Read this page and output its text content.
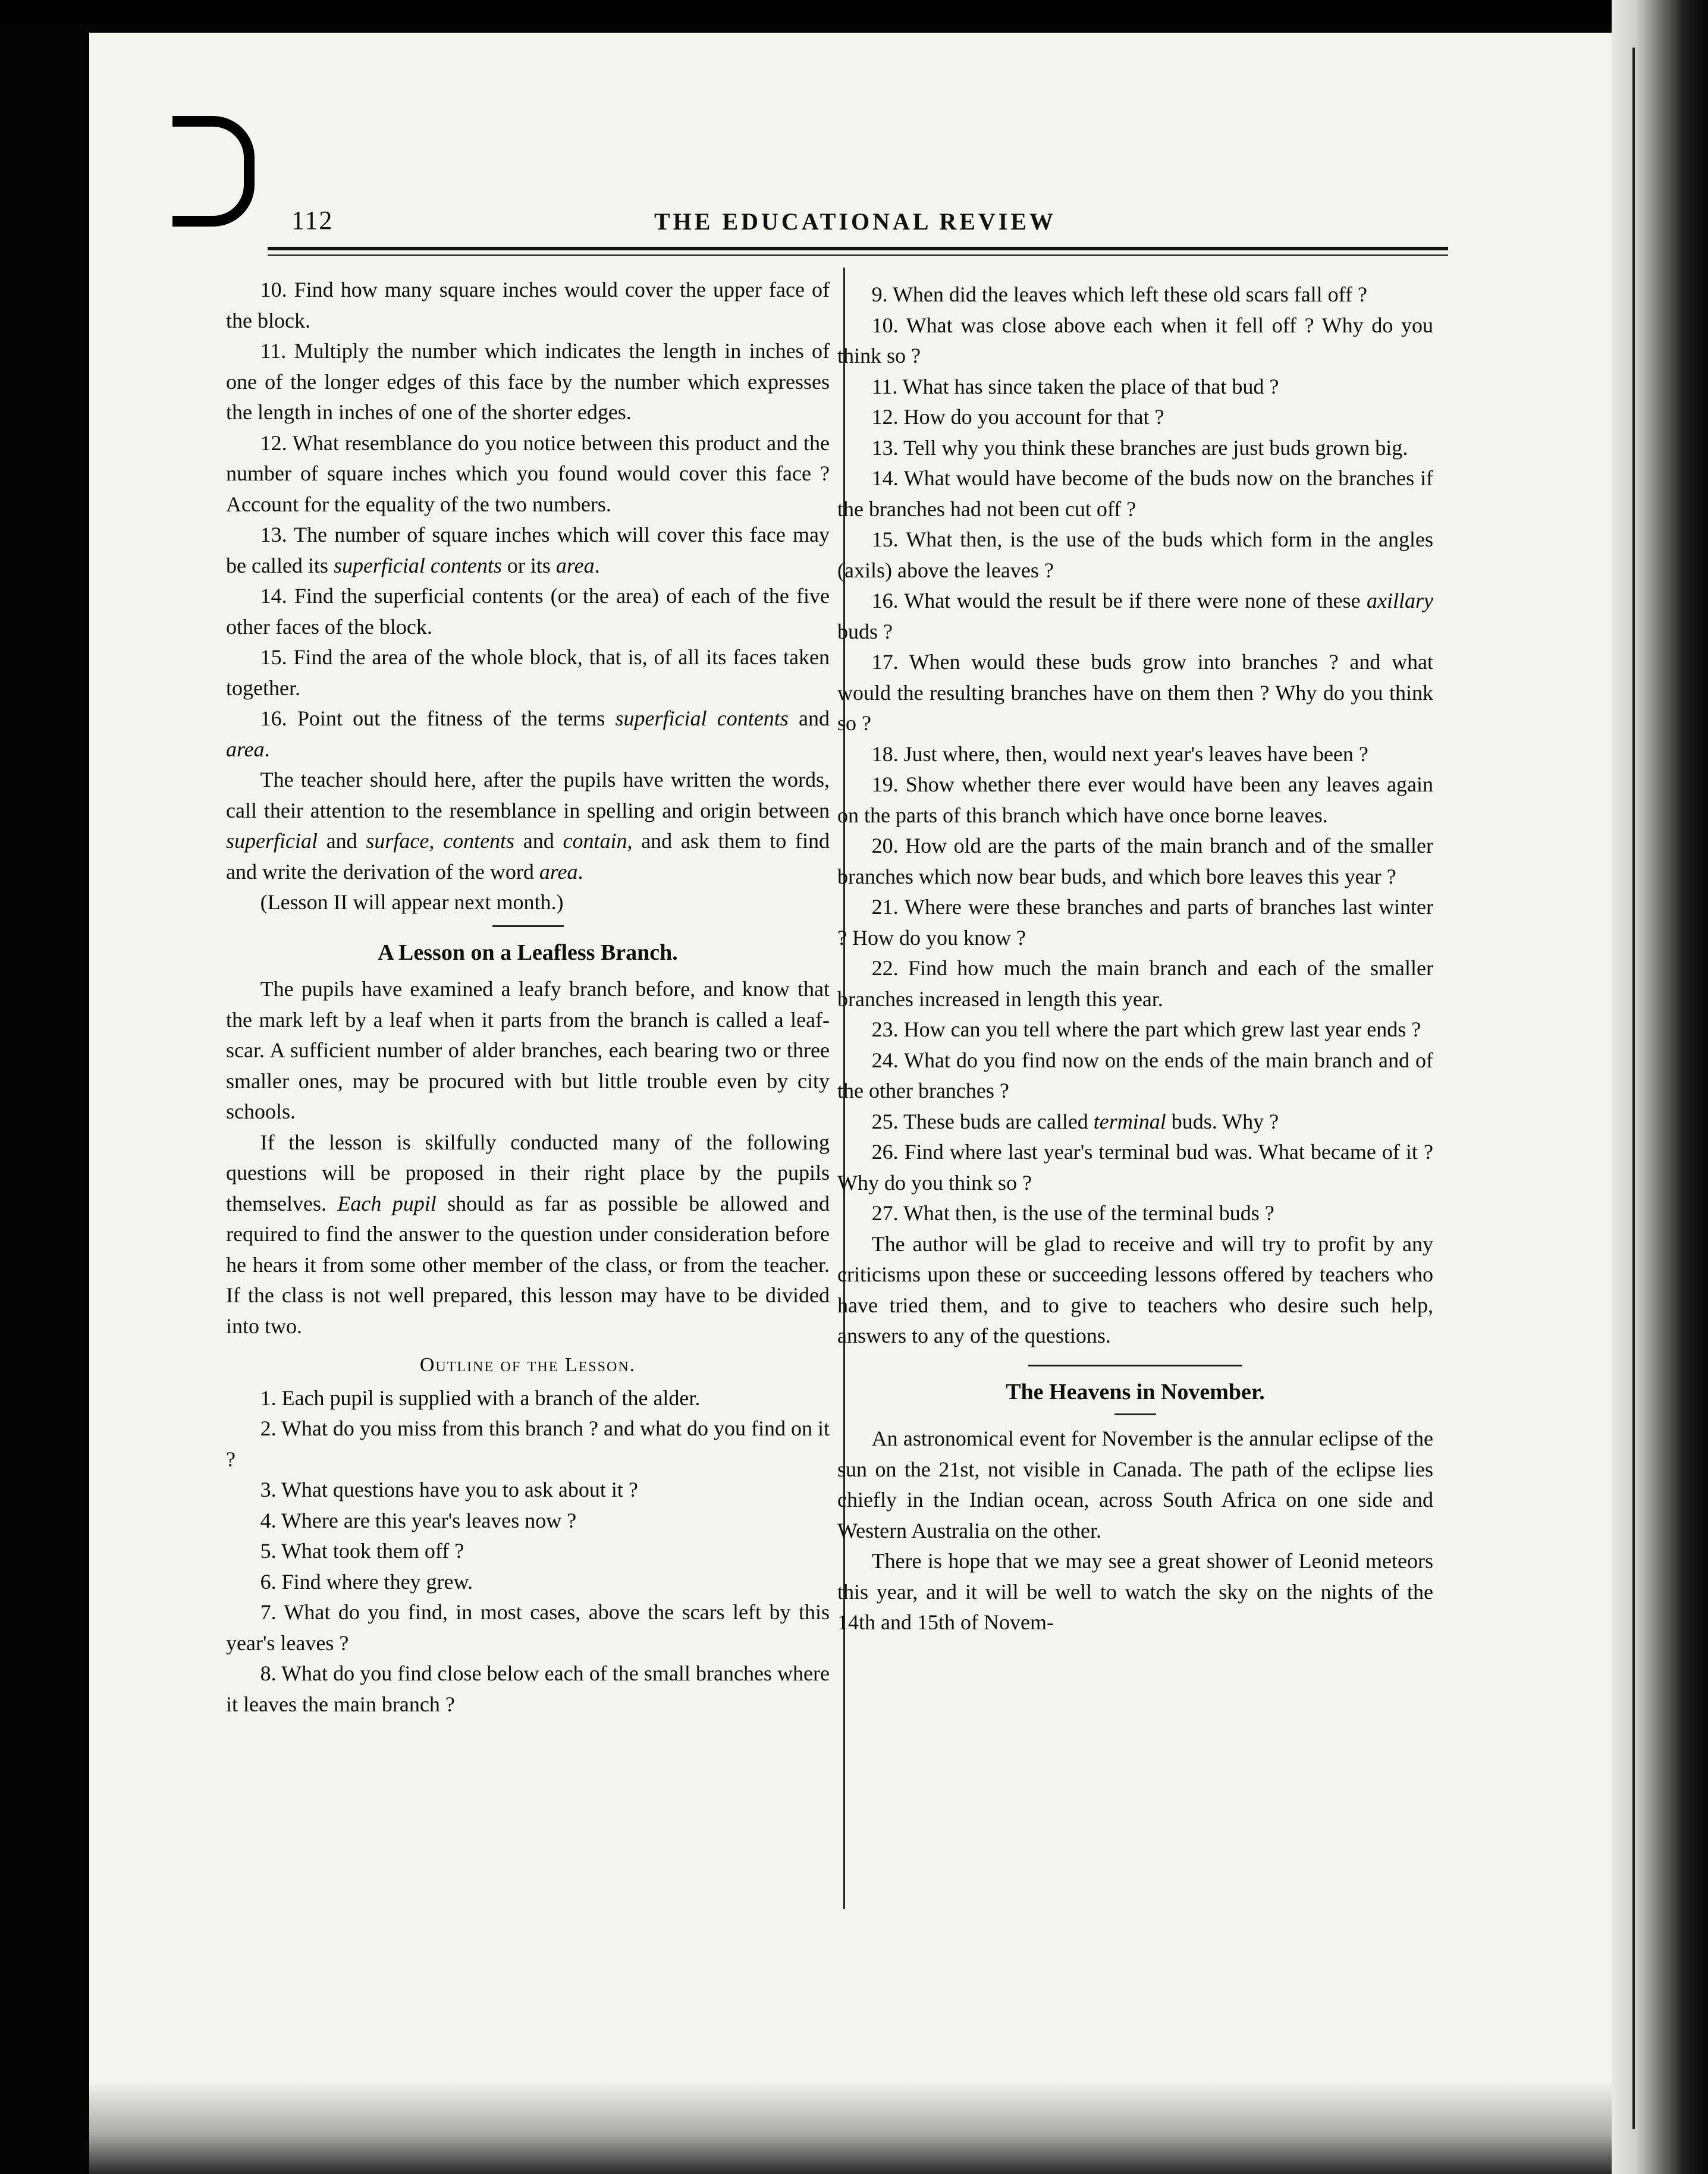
112	THE EDUCATIONAL REVIEW

10. Find how many square inches would cover the upper face of the block.

11. Multiply the number which indicates the length in inches of one of the longer edges of this face by the number which expresses the length in inches of one of the shorter edges.

12. What resemblance do you notice between this product and the number of square inches which you found would cover this face ? Account for the equality of the two numbers.

13. The number of square inches which will cover this face may be called its superficial contents or its area.

14. Find the superficial contents (or the area) of each of the five other faces of the block.

15. Find the area of the whole block, that is, of all its faces taken together.

16. Point out the fitness of the terms superficial contents and area.

The teacher should here, after the pupils have written the words, call their attention to the resemblance in spelling and origin between superficial and surface, contents and contain, and ask them to find and write the derivation of the word area.

(Lesson II will appear next month.)

A Lesson on a Leafless Branch.

The pupils have examined a leafy branch before, and know that the mark left by a leaf when it parts from the branch is called a leaf-scar. A sufficient number of alder branches, each bearing two or three smaller ones, may be procured with but little trouble even by city schools.

If the lesson is skilfully conducted many of the following questions will be proposed in their right place by the pupils themselves. Each pupil should as far as possible be allowed and required to find the answer to the question under consideration before he hears it from some other member of the class, or from the teacher. If the class is not well prepared, this lesson may have to be divided into two.

Outline of the Lesson.

1. Each pupil is supplied with a branch of the alder.

2. What do you miss from this branch ? and what do you find on it ?

3. What questions have you to ask about it ?

4. Where are this year's leaves now ?

5. What took them off ?

6. Find where they grew.

7. What do you find, in most cases, above the scars left by this year's leaves ?

8. What do you find close below each of the small branches where it leaves the main branch ?

9. When did the leaves which left these old scars fall off ?

10. What was close above each when it fell off ? Why do you think so ?

11. What has since taken the place of that bud ?

12. How do you account for that ?

13. Tell why you think these branches are just buds grown big.

14. What would have become of the buds now on the branches if the branches had not been cut off ?

15. What then, is the use of the buds which form in the angles (axils) above the leaves ?

16. What would the result be if there were none of these axillary buds ?

17. When would these buds grow into branches ? and what would the resulting branches have on them then ? Why do you think so ?

18. Just where, then, would next year's leaves have been ?

19. Show whether there ever would have been any leaves again on the parts of this branch which have once borne leaves.

20. How old are the parts of the main branch and of the smaller branches which now bear buds, and which bore leaves this year ?

21. Where were these branches and parts of branches last winter ? How do you know ?

22. Find how much the main branch and each of the smaller branches increased in length this year.

23. How can you tell where the part which grew last year ends ?

24. What do you find now on the ends of the main branch and of the other branches ?

25. These buds are called terminal buds. Why ?

26. Find where last year's terminal bud was. What became of it ? Why do you think so ?

27. What then, is the use of the terminal buds ?

The author will be glad to receive and will try to profit by any criticisms upon these or succeeding lessons offered by teachers who have tried them, and to give to teachers who desire such help, answers to any of the questions.

The Heavens in November.

An astronomical event for November is the annular eclipse of the sun on the 21st, not visible in Canada. The path of the eclipse lies chiefly in the Indian ocean, across South Africa on one side and Western Australia on the other.

There is hope that we may see a great shower of Leonid meteors this year, and it will be well to watch the sky on the nights of the 14th and 15th of Novem-
